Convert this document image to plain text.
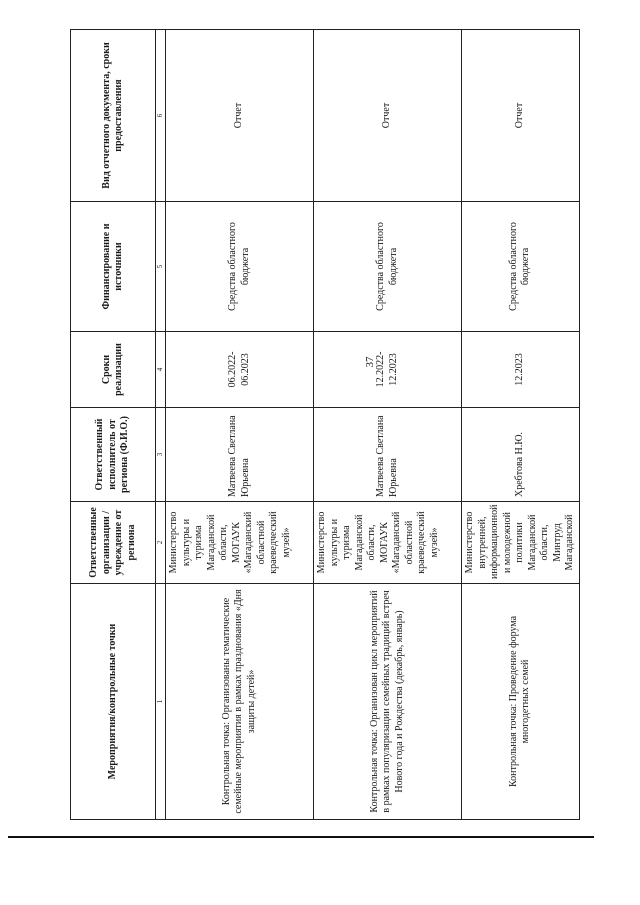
37
Мероприятия/контрольные точки	Ответственные организации / учреждение от региона	Ответственный исполнитель от региона (Ф.И.О.)	Сроки реализации	Финансирование и источники	Вид отчетного документа, сроки предоставления
1	2	3	4	5	6
Контрольная точка: Организованы тематические семейные мероприятия в рамках празднования «Дня защиты детей»	Министерство культуры и туризма Магаданской области, МОГАУК «Магаданский областной краеведческий музей»	Матвеева Светлана Юрьевна	06.2022-06.2023	Средства областного бюджета	Отчет
Контрольная точка: Организован цикл мероприятий в рамках популяризации семейных традиций встреч Нового года и Рождества (декабрь, январь)	Министерство культуры и туризма Магаданской области, МОГАУК «Магаданский областной краеведческий музей»	Матвеева Светлана Юрьевна	12.2022-12.2023	Средства областного бюджета	Отчет
Контрольная точка: Проведение форума многодетных семей	Министерство внутренней, информационной и молодежной политики Магаданской области, Минтруд Магаданской	Хребтова Н.Ю.	12.2023	Средства областного бюджета	Отчет
